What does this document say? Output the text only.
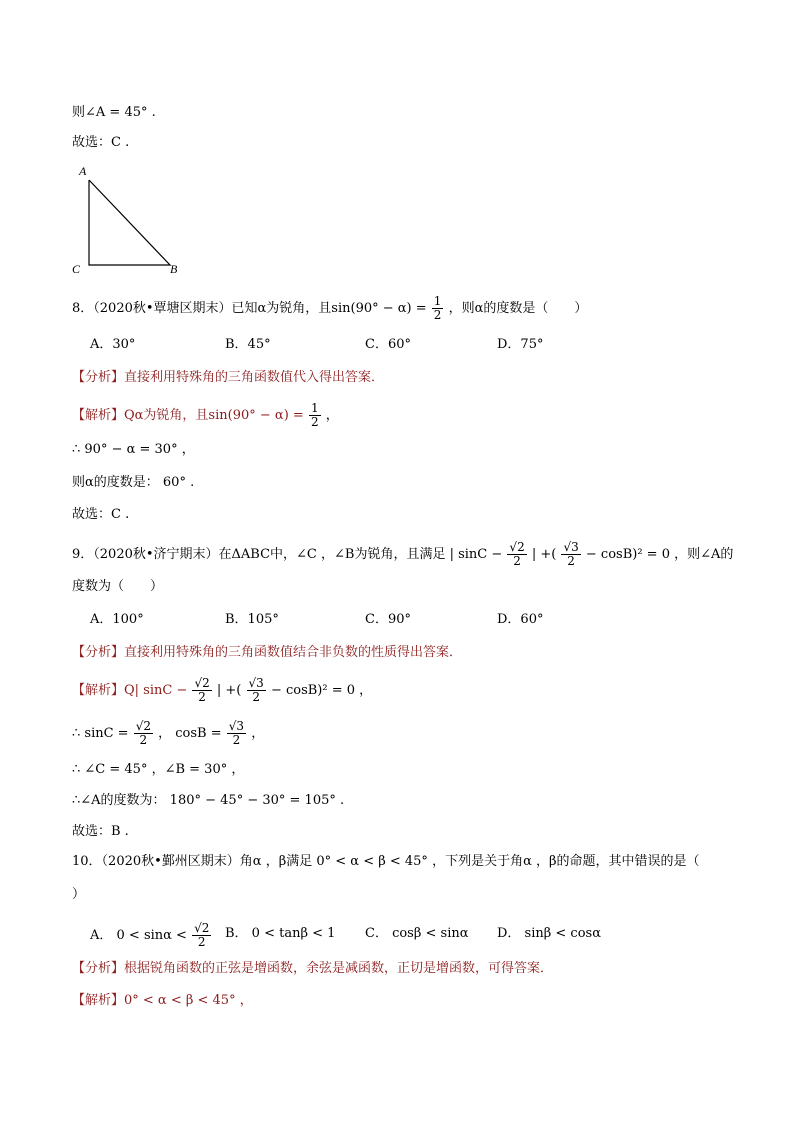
则∠A = 45° .
故选：C .
A
C	B
8．（2020秋•覃塘区期末）已知α为锐角，且$\sin(90^\circ - \alpha) = \frac{1}{2}$ ，则α的度数是（　　）
A．30°	B．45°	C．60°	D．75°
【分析】直接利用特殊角的三角函数值代入得出答案．
【解析】Qα为锐角，且$\sin(90^\circ - \alpha) = \frac{1}{2}$ ，
∴ 90° − α = 30° ，
则α的度数是： 60° .
故选：C .
9．（2020秋•济宁期末）在ΔABC中，∠C ，∠B为锐角，且满足 | $\sin C - \frac{√2}{2}$ | +( $\frac{√3}{2} - \cos B)^2 = 0$ ，则∠A的
度数为（　　）
A．100°	B．105°	C．90°	D．60°
【分析】直接利用特殊角的三角函数值结合非负数的性质得出答案．
【解析】Q| $\sin C - \frac{√2}{2}$ | +( $\frac{√3}{2} - \cos B)^2 = 0$ ，
∴ $\sin C = \frac{√2}{2}$ ， $\cos B = \frac{√3}{2}$ ，
∴ ∠C = 45° ，∠B = 30° ，
∴∠A的度数为： 180° − 45° − 30° = 105° .
故选：B .
10．（2020秋•鄞州区期末）角α ，β满足 0° < α < β < 45° ，下列是关于角α ，β的命题，其中错误的是（
）
A． $0 < \sin\alpha < \frac{√2}{2}$ B． 0 < tanβ < 1 C． cosβ < sinα D． sinβ < cosα
【分析】根据锐角函数的正弦是增函数，余弦是减函数，正切是增函数，可得答案．
【解析】0° < α < β < 45° ，
